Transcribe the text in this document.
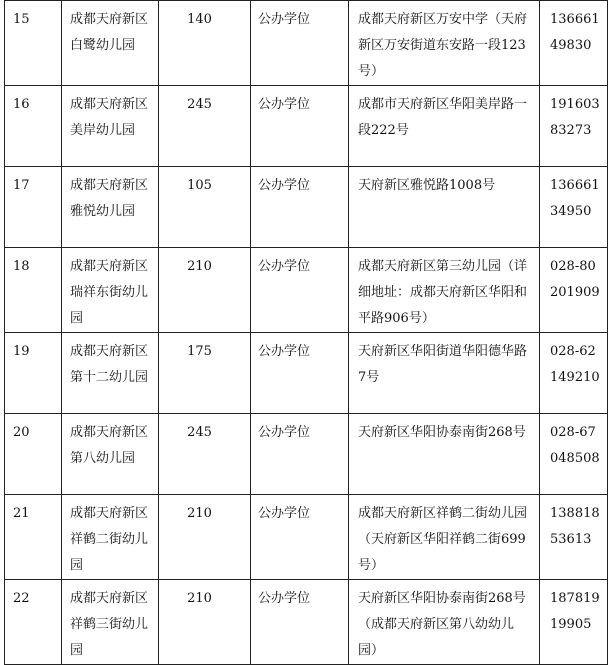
15	成都天府新区白鹭幼儿园	140	公办学位	成都天府新区万安中学（天府新区万安街道东安路一段123号）	13666149830

16	成都天府新区美岸幼儿园	245	公办学位	成都市天府新区华阳美岸路一段222号	19160383273

17	成都天府新区雅悦幼儿园	105	公办学位	天府新区雅悦路1008号	13666134950

18	成都天府新区瑞祥东街幼儿园	210	公办学位	成都天府新区第三幼儿园（详细地址：成都天府新区华阳和平路906号）	028-80201909

19	成都天府新区第十二幼儿园	175	公办学位	天府新区华阳街道华阳德华路7号	028-62149210

20	成都天府新区第八幼儿园	245	公办学位	天府新区华阳协泰南街268号	028-67048508

21	成都天府新区祥鹤二街幼儿园	210	公办学位	成都天府新区祥鹤二街幼儿园（天府新区华阳祥鹤二街699号）	13881853613

22	成都天府新区祥鹤三街幼儿园	210	公办学位	天府新区华阳协泰南街268号（成都天府新区第八幼幼儿园）	18781919905
